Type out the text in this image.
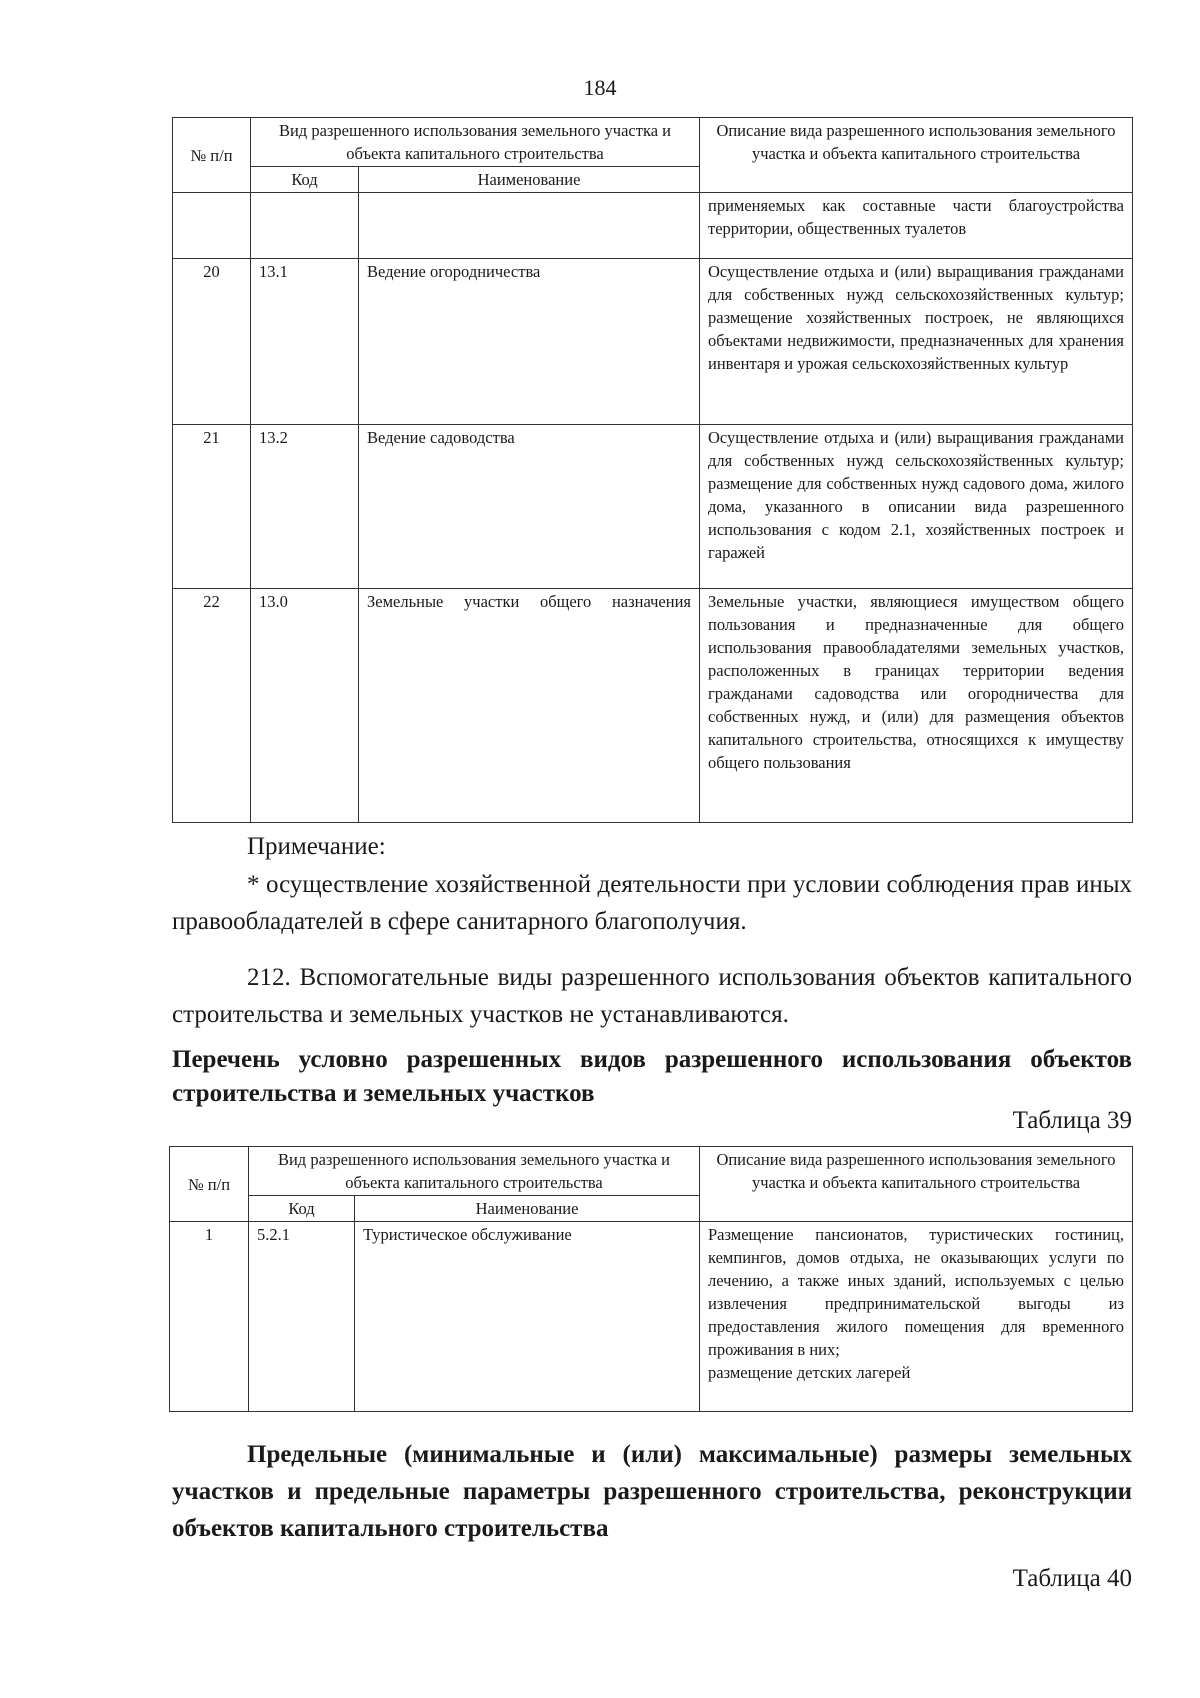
184
№ п/п	Вид разрешенного использования земельного участка и объекта капитального строительства		Описание вида разрешенного использования земельного участка и объекта капитального строительства
	Код	Наименование	
			применяемых как составные части благоустройства территории, общественных туалетов
20	13.1	Ведение огородничества	Осуществление отдыха и (или) выращивания гражданами для собственных нужд сельскохозяйственных культур; размещение хозяйственных построек, не являющихся объектами недвижимости, предназначенных для хранения инвентаря и урожая сельскохозяйственных культур
21	13.2	Ведение садоводства	Осуществление отдыха и (или) выращивания гражданами для собственных нужд сельскохозяйственных культур; размещение для собственных нужд садового дома, жилого дома, указанного в описании вида разрешенного использования с кодом 2.1, хозяйственных построек и гаражей
22	13.0	Земельные участки общего назначения	Земельные участки, являющиеся имуществом общего пользования и предназначенные для общего использования правообладателями земельных участков, расположенных в границах территории ведения гражданами садоводства или огородничества для собственных нужд, и (или) для размещения объектов капитального строительства, относящихся к имуществу общего пользования
Примечание:
* осуществление хозяйственной деятельности при условии соблюдения прав иных правообладателей в сфере санитарного благополучия.
212. Вспомогательные виды разрешенного использования объектов капитального строительства и земельных участков не устанавливаются.
Перечень условно разрешенных видов разрешенного использования объектов строительства и земельных участков
Таблица 39
№ п/п	Вид разрешенного использования земельного участка и объекта капитального строительства		Описание вида разрешенного использования земельного участка и объекта капитального строительства
	Код	Наименование	
1	5.2.1	Туристическое обслуживание	Размещение пансионатов, туристических гостиниц, кемпингов, домов отдыха, не оказывающих услуги по лечению, а также иных зданий, используемых с целью извлечения предпринимательской выгоды из предоставления жилого помещения для временного проживания в них;
размещение детских лагерей
Предельные (минимальные и (или) максимальные) размеры земельных участков и предельные параметры разрешенного строительства, реконструкции объектов капитального строительства
Таблица 40
